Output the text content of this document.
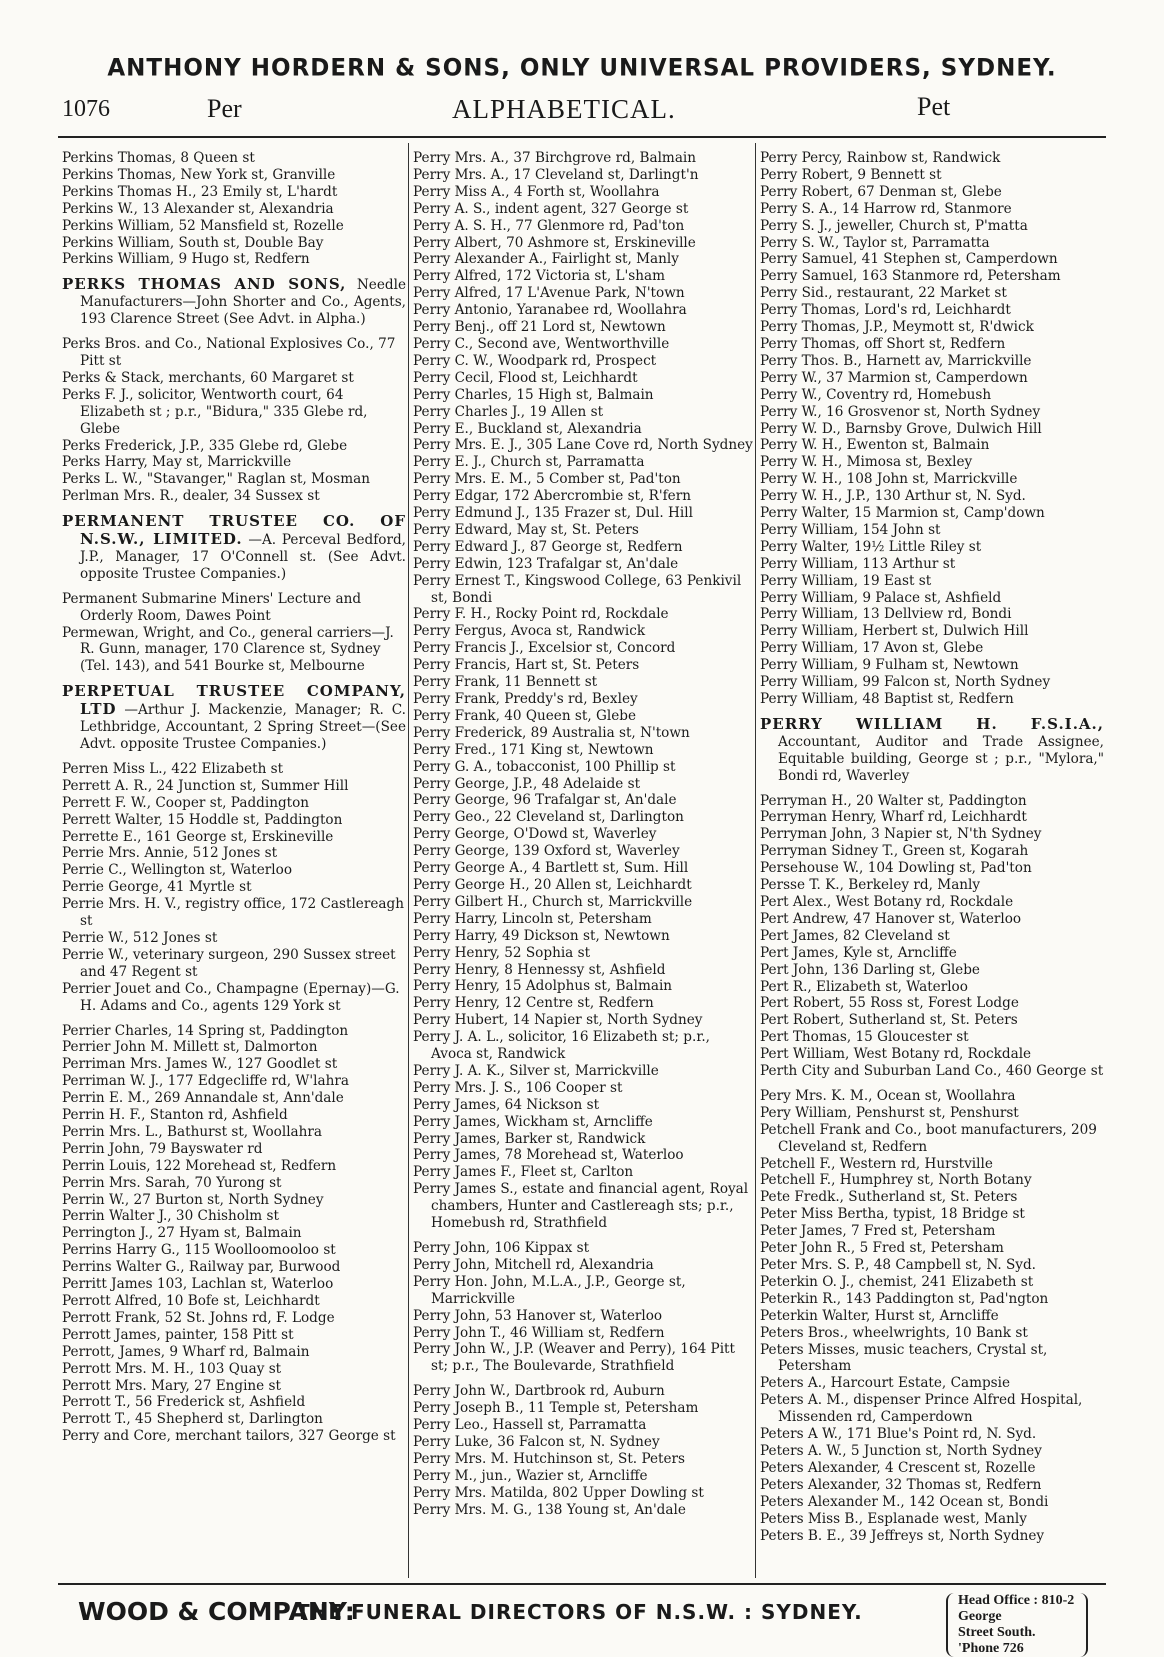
ANTHONY HORDERN & SONS, ONLY UNIVERSAL PROVIDERS, SYDNEY.
1076	Per	ALPHABETICAL.	Pet
Perkins Thomas, 8 Queen st
Perkins Thomas, New York st, Granville
Perkins Thomas H., 23 Emily st, L'hardt
Perkins W., 13 Alexander st, Alexandria
Perkins William, 52 Mansfield st, Rozelle
Perkins William, South st, Double Bay
Perkins William, 9 Hugo st, Redfern
PERKS THOMAS AND SONS, Needle Manufacturers—John Shorter and Co., Agents, 193 Clarence Street (See Advt. in Alpha.)
Perks Bros. and Co., National Explosives Co., 77 Pitt st
Perks & Stack, merchants, 60 Margaret st
Perks F. J., solicitor, Wentworth court, 64 Elizabeth st ; p.r., "Bidura," 335 Glebe rd, Glebe
Perks Frederick, J.P., 335 Glebe rd, Glebe
Perks Harry, May st, Marrickville
Perks L. W., "Stavanger," Raglan st, Mosman
Perlman Mrs. R., dealer, 34 Sussex st
PERMANENT TRUSTEE CO. OF N.S.W., LIMITED. —A. Perceval Bedford, J.P., Manager, 17 O'Connell st. (See Advt. opposite Trustee Companies.)
Permanent Submarine Miners' Lecture and Orderly Room, Dawes Point
Permewan, Wright, and Co., general carriers—J. R. Gunn, manager, 170 Clarence st, Sydney (Tel. 143), and 541 Bourke st, Melbourne
PERPETUAL TRUSTEE COMPANY, LTD —Arthur J. Mackenzie, Manager; R. C. Lethbridge, Accountant, 2 Spring Street—(See Advt. opposite Trustee Companies.)
Perren Miss L., 422 Elizabeth st
Perrett A. R., 24 Junction st, Summer Hill
Perrett F. W., Cooper st, Paddington
Perrett Walter, 15 Hoddle st, Paddington
Perrette E., 161 George st, Erskineville
Perrie Mrs. Annie, 512 Jones st
Perrie C., Wellington st, Waterloo
Perrie George, 41 Myrtle st
Perrie Mrs. H. V., registry office, 172 Castlereagh st
Perrie W., 512 Jones st
Perrie W., veterinary surgeon, 290 Sussex street and 47 Regent st
Perrier Jouet and Co., Champagne (Epernay)—G. H. Adams and Co., agents 129 York st
Perrier Charles, 14 Spring st, Paddington
Perrier John M. Millett st, Dalmorton
Perriman Mrs. James W., 127 Goodlet st
Perriman W. J., 177 Edgecliffe rd, W'lahra
Perrin E. M., 269 Annandale st, Ann'dale
Perrin H. F., Stanton rd, Ashfield
Perrin Mrs. L., Bathurst st, Woollahra
Perrin John, 79 Bayswater rd
Perrin Louis, 122 Morehead st, Redfern
Perrin Mrs. Sarah, 70 Yurong st
Perrin W., 27 Burton st, North Sydney
Perrin Walter J., 30 Chisholm st
Perrington J., 27 Hyam st, Balmain
Perrins Harry G., 115 Woolloomooloo st
Perrins Walter G., Railway par, Burwood
Perritt James 103, Lachlan st, Waterloo
Perrott Alfred, 10 Bofe st, Leichhardt
Perrott Frank, 52 St. Johns rd, F. Lodge
Perrott James, painter, 158 Pitt st
Perrott, James, 9 Wharf rd, Balmain
Perrott Mrs. M. H., 103 Quay st
Perrott Mrs. Mary, 27 Engine st
Perrott T., 56 Frederick st, Ashfield
Perrott T., 45 Shepherd st, Darlington
Perry and Core, merchant tailors, 327 George st
Perry Mrs. A., 37 Birchgrove rd, Balmain
Perry Mrs. A., 17 Cleveland st, Darlingt'n
Perry Miss A., 4 Forth st, Woollahra
Perry A. S., indent agent, 327 George st
Perry A. S. H., 77 Glenmore rd, Pad'ton
Perry Albert, 70 Ashmore st, Erskineville
Perry Alexander A., Fairlight st, Manly
Perry Alfred, 172 Victoria st, L'sham
Perry Alfred, 17 L'Avenue Park, N'town
Perry Antonio, Yaranabee rd, Woollahra
Perry Benj., off 21 Lord st, Newtown
Perry C., Second ave, Wentworthville
Perry C. W., Woodpark rd, Prospect
Perry Cecil, Flood st, Leichhardt
Perry Charles, 15 High st, Balmain
Perry Charles J., 19 Allen st
Perry E., Buckland st, Alexandria
Perry Mrs. E. J., 305 Lane Cove rd, North Sydney
Perry E. J., Church st, Parramatta
Perry Mrs. E. M., 5 Comber st, Pad'ton
Perry Edgar, 172 Abercrombie st, R'fern
Perry Edmund J., 135 Frazer st, Dul. Hill
Perry Edward, May st, St. Peters
Perry Edward J., 87 George st, Redfern
Perry Edwin, 123 Trafalgar st, An'dale
Perry Ernest T., Kingswood College, 63 Penkivil st, Bondi
Perry F. H., Rocky Point rd, Rockdale
Perry Fergus, Avoca st, Randwick
Perry Francis J., Excelsior st, Concord
Perry Francis, Hart st, St. Peters
Perry Frank, 11 Bennett st
Perry Frank, Preddy's rd, Bexley
Perry Frank, 40 Queen st, Glebe
Perry Frederick, 89 Australia st, N'town
Perry Fred., 171 King st, Newtown
Perry G. A., tobacconist, 100 Phillip st
Perry George, J.P., 48 Adelaide st
Perry George, 96 Trafalgar st, An'dale
Perry Geo., 22 Cleveland st, Darlington
Perry George, O'Dowd st, Waverley
Perry George, 139 Oxford st, Waverley
Perry George A., 4 Bartlett st, Sum. Hill
Perry George H., 20 Allen st, Leichhardt
Perry Gilbert H., Church st, Marrickville
Perry Harry, Lincoln st, Petersham
Perry Harry, 49 Dickson st, Newtown
Perry Henry, 52 Sophia st
Perry Henry, 8 Hennessy st, Ashfield
Perry Henry, 15 Adolphus st, Balmain
Perry Henry, 12 Centre st, Redfern
Perry Hubert, 14 Napier st, North Sydney
Perry J. A. L., solicitor, 16 Elizabeth st; p.r., Avoca st, Randwick
Perry J. A. K., Silver st, Marrickville
Perry Mrs. J. S., 106 Cooper st
Perry James, 64 Nickson st
Perry James, Wickham st, Arncliffe
Perry James, Barker st, Randwick
Perry James, 78 Morehead st, Waterloo
Perry James F., Fleet st, Carlton
Perry James S., estate and financial agent, Royal chambers, Hunter and Castlereagh sts; p.r., Homebush rd, Strathfield
Perry John, 106 Kippax st
Perry John, Mitchell rd, Alexandria
Perry Hon. John, M.L.A., J.P., George st, Marrickville
Perry John, 53 Hanover st, Waterloo
Perry John T., 46 William st, Redfern
Perry John W., J.P. (Weaver and Perry), 164 Pitt st; p.r., The Boulevarde, Strathfield
Perry John W., Dartbrook rd, Auburn
Perry Joseph B., 11 Temple st, Petersham
Perry Leo., Hassell st, Parramatta
Perry Luke, 36 Falcon st, N. Sydney
Perry Mrs. M. Hutchinson st, St. Peters
Perry M., jun., Wazier st, Arncliffe
Perry Mrs. Matilda, 802 Upper Dowling st
Perry Mrs. M. G., 138 Young st, An'dale
Perry Percy, Rainbow st, Randwick
Perry Robert, 9 Bennett st
Perry Robert, 67 Denman st, Glebe
Perry S. A., 14 Harrow rd, Stanmore
Perry S. J., jeweller, Church st, P'matta
Perry S. W., Taylor st, Parramatta
Perry Samuel, 41 Stephen st, Camperdown
Perry Samuel, 163 Stanmore rd, Petersham
Perry Sid., restaurant, 22 Market st
Perry Thomas, Lord's rd, Leichhardt
Perry Thomas, J.P., Meymott st, R'dwick
Perry Thomas, off Short st, Redfern
Perry Thos. B., Harnett av, Marrickville
Perry W., 37 Marmion st, Camperdown
Perry W., Coventry rd, Homebush
Perry W., 16 Grosvenor st, North Sydney
Perry W. D., Barnsby Grove, Dulwich Hill
Perry W. H., Ewenton st, Balmain
Perry W. H., Mimosa st, Bexley
Perry W. H., 108 John st, Marrickville
Perry W. H., J.P., 130 Arthur st, N. Syd.
Perry Walter, 15 Marmion st, Camp'down
Perry William, 154 John st
Perry Walter, 19½ Little Riley st
Perry William, 113 Arthur st
Perry William, 19 East st
Perry William, 9 Palace st, Ashfield
Perry William, 13 Dellview rd, Bondi
Perry William, Herbert st, Dulwich Hill
Perry William, 17 Avon st, Glebe
Perry William, 9 Fulham st, Newtown
Perry William, 99 Falcon st, North Sydney
Perry William, 48 Baptist st, Redfern
PERRY WILLIAM H. F.S.I.A., Accountant, Auditor and Trade Assignee, Equitable building, George st ; p.r., "Mylora," Bondi rd, Waverley
Perryman H., 20 Walter st, Paddington
Perryman Henry, Wharf rd, Leichhardt
Perryman John, 3 Napier st, N'th Sydney
Perryman Sidney T., Green st, Kogarah
Persehouse W., 104 Dowling st, Pad'ton
Persse T. K., Berkeley rd, Manly
Pert Alex., West Botany rd, Rockdale
Pert Andrew, 47 Hanover st, Waterloo
Pert James, 82 Cleveland st
Pert James, Kyle st, Arncliffe
Pert John, 136 Darling st, Glebe
Pert R., Elizabeth st, Waterloo
Pert Robert, 55 Ross st, Forest Lodge
Pert Robert, Sutherland st, St. Peters
Pert Thomas, 15 Gloucester st
Pert William, West Botany rd, Rockdale
Perth City and Suburban Land Co., 460 George st
Pery Mrs. K. M., Ocean st, Woollahra
Pery William, Penshurst st, Penshurst
Petchell Frank and Co., boot manufacturers, 209 Cleveland st, Redfern
Petchell F., Western rd, Hurstville
Petchell F., Humphrey st, North Botany
Pete Fredk., Sutherland st, St. Peters
Peter Miss Bertha, typist, 18 Bridge st
Peter James, 7 Fred st, Petersham
Peter John R., 5 Fred st, Petersham
Peter Mrs. S. P., 48 Campbell st, N. Syd.
Peterkin O. J., chemist, 241 Elizabeth st
Peterkin R., 143 Paddington st, Pad'ngton
Peterkin Walter, Hurst st, Arncliffe
Peters Bros., wheelwrights, 10 Bank st
Peters Misses, music teachers, Crystal st, Petersham
Peters A., Harcourt Estate, Campsie
Peters A. M., dispenser Prince Alfred Hospital, Missenden rd, Camperdown
Peters A W., 171 Blue's Point rd, N. Syd.
Peters A. W., 5 Junction st, North Sydney
Peters Alexander, 4 Crescent st, Rozelle
Peters Alexander, 32 Thomas st, Redfern
Peters Alexander M., 142 Ocean st, Bondi
Peters Miss B., Esplanade west, Manly
Peters B. E., 39 Jeffreys st, North Sydney
WOOD & COMPANY:
THE FUNERAL DIRECTORS OF N.S.W. : SYDNEY.	Head Office : 810-2 George
Street South. 'Phone 726
